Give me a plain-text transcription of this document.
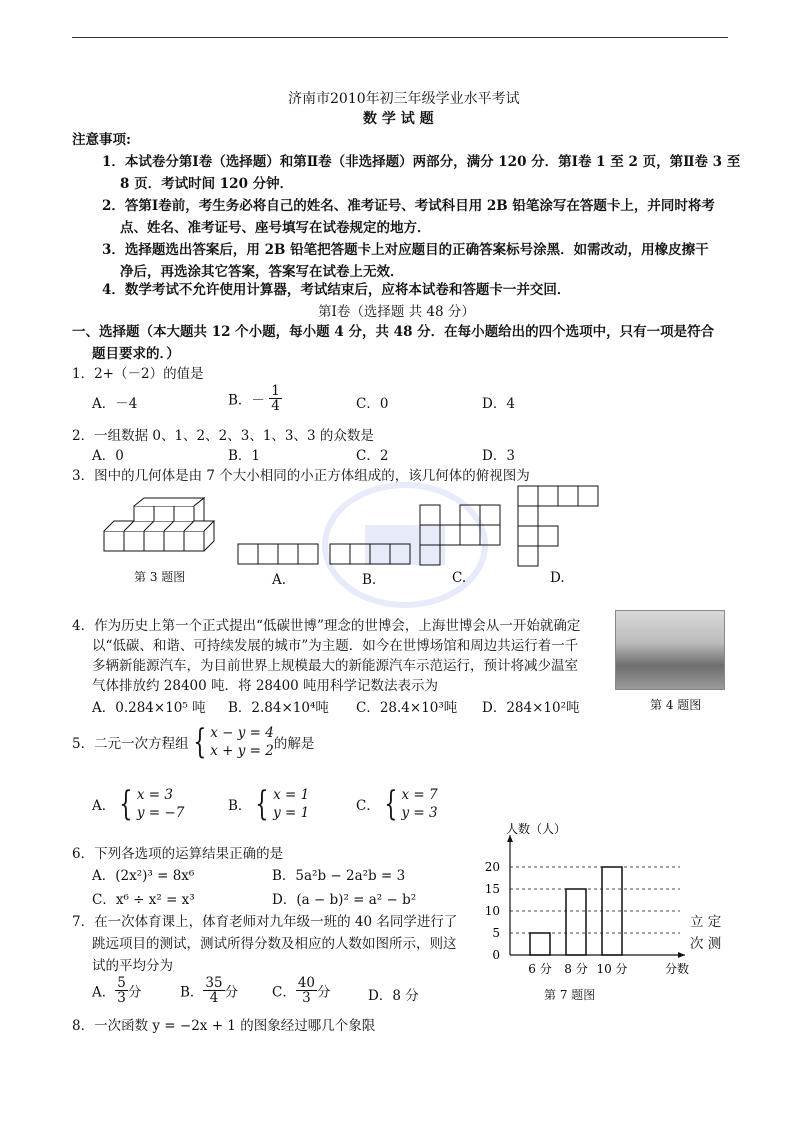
济南市2010年初三年级学业水平考试
数 学 试 题
注意事项:
1．本试卷分第Ⅰ卷（选择题）和第Ⅱ卷（非选择题）两部分，满分 120 分．第Ⅰ卷 1 至 2 页，第Ⅱ卷 3 至
8 页．考试时间 120 分钟．
2．答第Ⅰ卷前，考生务必将自己的姓名、准考证号、考试科目用 2B 铅笔涂写在答题卡上，并同时将考
点、姓名、准考证号、座号填写在试卷规定的地方．
3．选择题选出答案后，用 2B 铅笔把答题卡上对应题目的正确答案标号涂黑．如需改动，用橡皮擦干
净后，再选涂其它答案，答案写在试卷上无效．
4．数学考试不允许使用计算器，考试结束后，应将本试卷和答题卡一并交回．
第Ⅰ卷（选择题 共 48 分）
一、选择题（本大题共 12 个小题，每小题 4 分，共 48 分．在每小题给出的四个选项中，只有一项是符合
题目要求的．）
1．2+（－2）的值是
A．－4	B．－ $\frac{1}{4}$	C．0	D．4
2．一组数据 0、1、2、2、3、1、3、3 的众数是
A．0	B．1	C．2	D．3
3．图中的几何体是由 7 个大小相同的小正方体组成的，该几何体的俯视图为
第 3 题图	A.	B.	C.	D.
4．作为历史上第一个正式提出“低碳世博”理念的世博会，上海世博会从一开始就确定
以“低碳、和谐、可持续发展的城市”为主题．如今在世博场馆和周边共运行着一千
多辆新能源汽车，为目前世界上规模最大的新能源汽车示范运行，预计将减少温室
气体排放约 28400 吨．将 28400 吨用科学记数法表示为
A．0.284×10⁵ 吨 B．2.84×10⁴吨 C．28.4×10³吨 D．284×10²吨	第 4 题图
5．二元一次方程组 { x − y = 4
x + y = 2 的解是
A． { x = 3
y = −7	B． { x = 1
y = 1	C． { x = 7
y = 3
6．下列各选项的运算结果正确的是
A．(2x²)³ = 8x⁶	B．5a²b − 2a²b = 3
C．x⁶ ÷ x² = x³	D．(a − b)² = a² − b²
7．在一次体育课上，体育老师对九年级一班的 40 名同学进行了
跳远项目的测试，测试所得分数及相应的人数如图所示，则这
试的平均分为
立 定
次 测
A． $\frac{5}{3}$ 分	B． $\frac{35}{4}$ 分	C． $\frac{40}{3}$ 分	D．8 分
0
5
10
15
20
6 分 8 分 10 分
人数（人）
分数
第 7 题图
8．一次函数 y = −2x + 1 的图象经过哪几个象限
